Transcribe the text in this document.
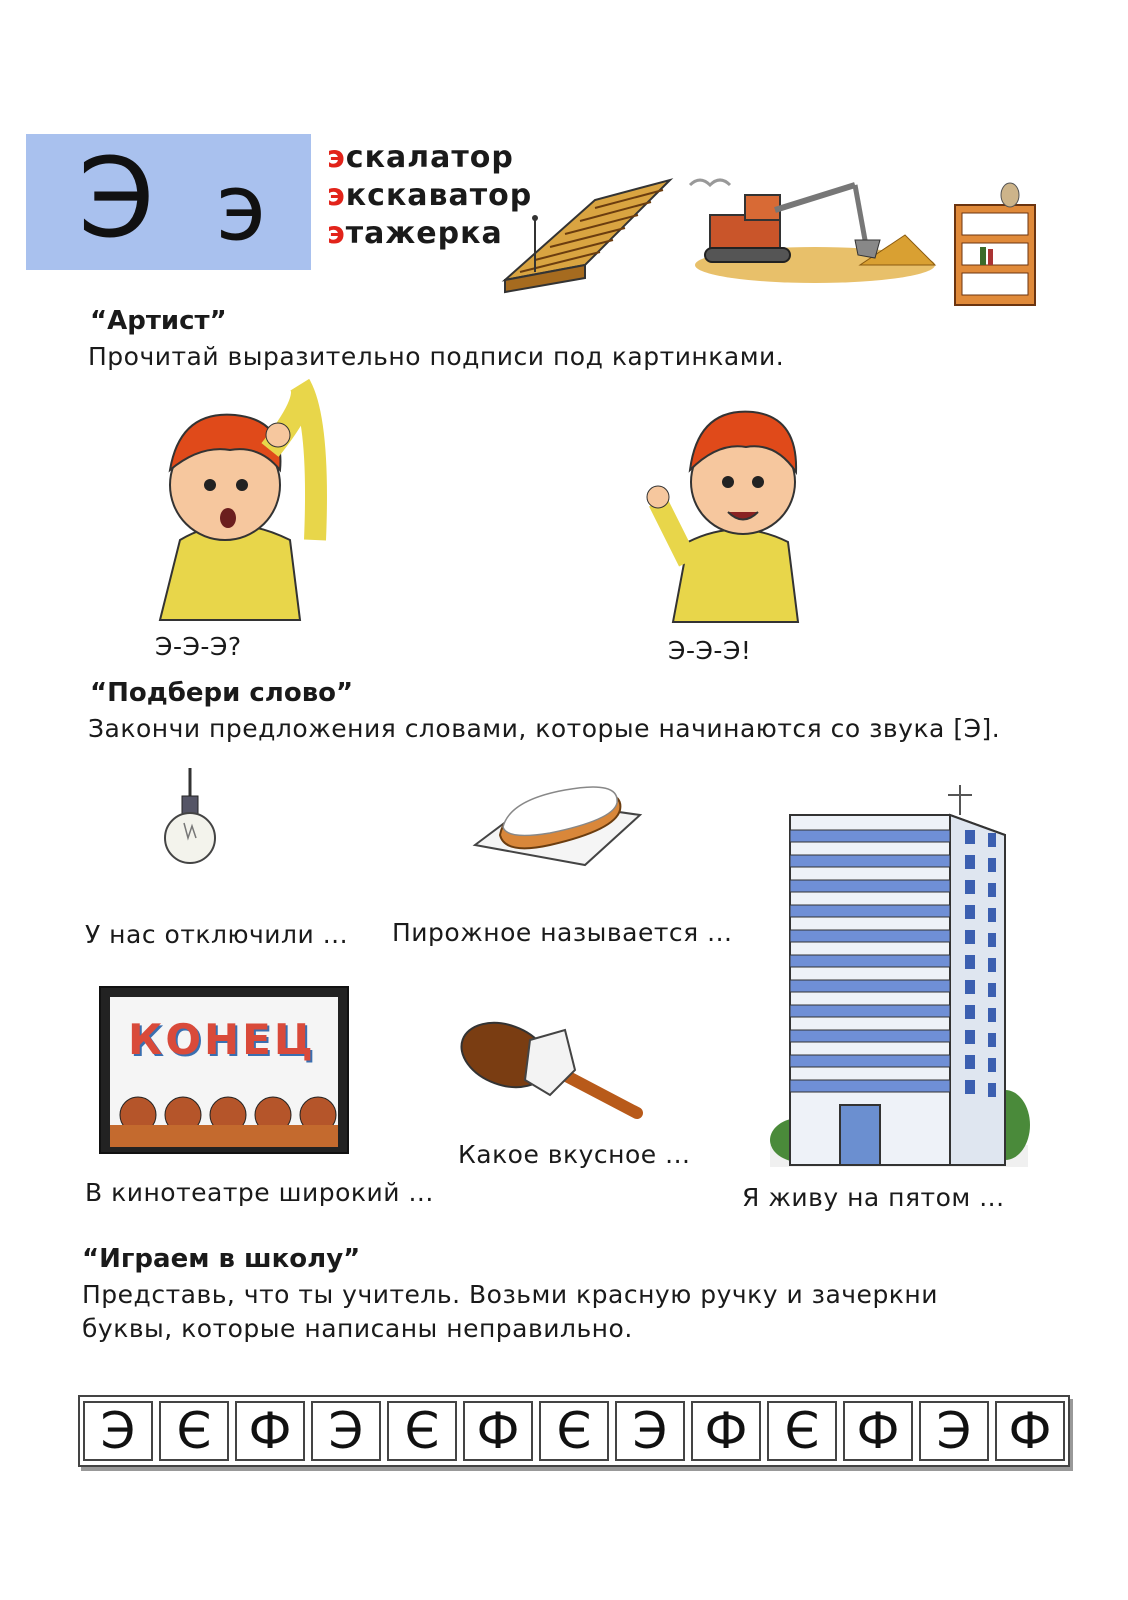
Э э эскалатор
экскаватор
этажерка
“Артист”
Прочитай выразительно подписи под картинками.
Э-Э-Э?	Э-Э-Э!
“Подбери слово”
Закончи предложения словами, которые начинаются со звука [Э].
У нас отключили ... Пирожное называется ...
КОНЕЦ
Какое вкусное ...
В кинотеатре широкий ...	Я живу на пятом ...
“Играем в школу”
Представь, что ты учитель. Возьми красную ручку и зачеркни
буквы, которые написаны неправильно.
Э Є Ф Э Є Ф Є Э Ф Є Ф Э Ф
